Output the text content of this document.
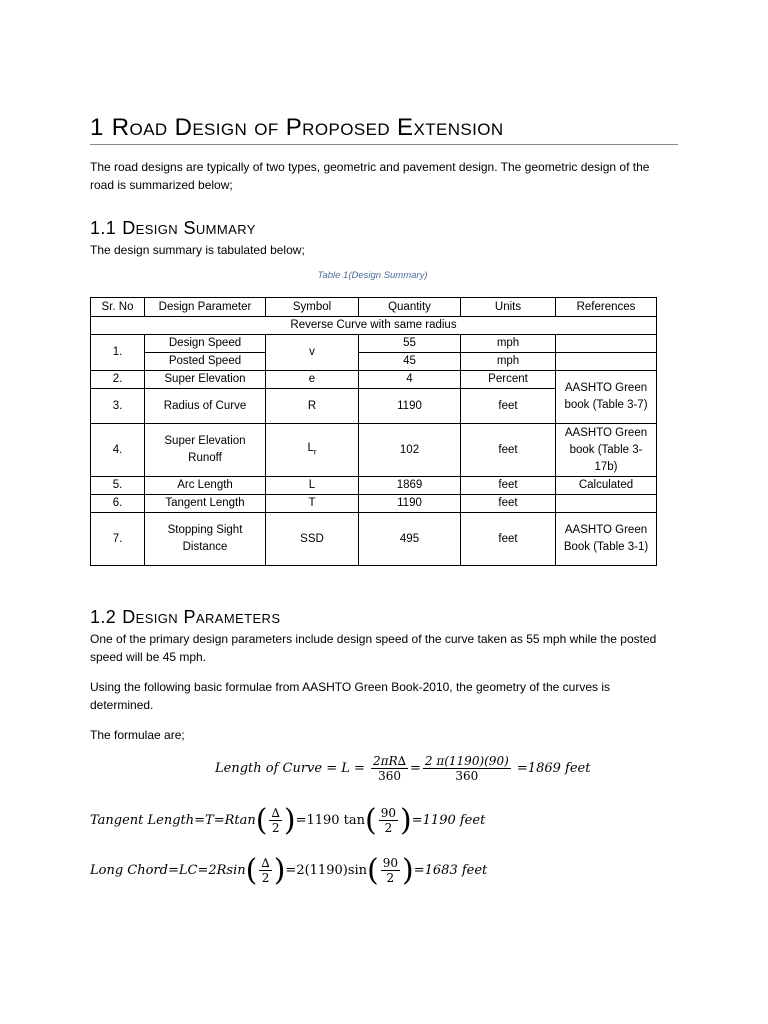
1 Road Design of Proposed Extension

The road designs are typically of two types, geometric and pavement design. The geometric design of the road is summarized below;

1.1 Design Summary

The design summary is tabulated below;

Table 1(Design Summary)
Sr. No	Design Parameter	Symbol	Quantity	Units	References
Reverse Curve with same radius					
1.	Design Speed	v	55	mph	
	Posted Speed		45	mph	
2.	Super Elevation	e	4	Percent	AASHTO Green book (Table 3-7)
3.	Radius of Curve	R	1190	feet	
4.	Super Elevation Runoff	$L_r$	102	feet	AASHTO Green book (Table 3-17b)
5.	Arc Length	L	1869	feet	Calculated
6.	Tangent Length	T	1190	feet	
7.	Stopping Sight Distance	SSD	495	feet	AASHTO Green Book (Table 3-1)
1.2 Design Parameters

One of the primary design parameters include design speed of the curve taken as 55 mph while the posted speed will be 45 mph.

Using the following basic formulae from AASHTO Green Book-2010, the geometry of the curves is determined.

The formulae are;

Length of Curve = $L = \frac{2\pi R\Delta}{360} = \frac{2 \pi(1190)(90)}{360} =1869$ feet
Tangent Length=T=Rtan( $\frac{\Delta}{2} )=1190$ $\tan( \frac{90}{2} )=1190$ feet
Long Chord=LC=2Rsin( $\frac{\Delta}{2} )=2(1190)\sin( \frac{90}{2} )=1683$ feet
